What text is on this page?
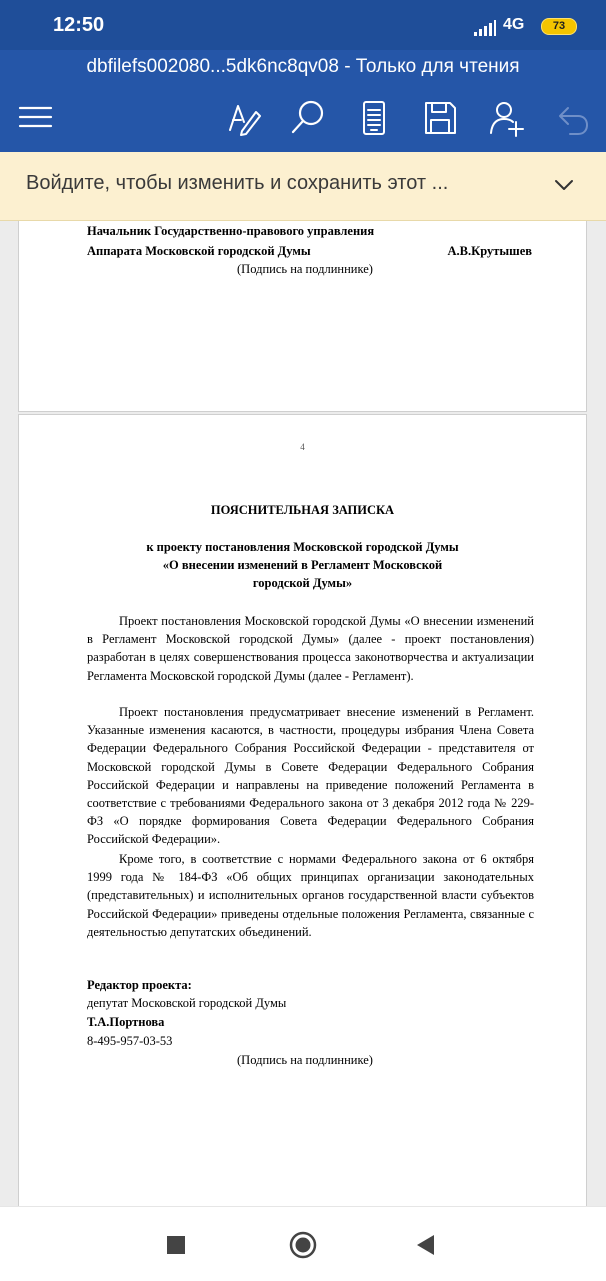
12:50	4G	73
dbfilefs002080...5dk6nc8qv08 - Только для чтения
Войдите, чтобы изменить и сохранить этот ...
Начальник Государственно-правового управления
Аппарата Московской городской Думы	А.В.Крутышев
(Подпись на подлиннике)
4
ПОЯСНИТЕЛЬНАЯ ЗАПИСКА
к проекту постановления Московской городской Думы
«О внесении изменений в Регламент Московской
городской Думы»
Проект постановления Московской городской Думы «О внесении изменений в Регламент Московской городской Думы» (далее - проект постановления) разработан в целях совершенствования процесса законотворчества и актуализации Регламента Московской городской Думы (далее - Регламент).
Проект постановления предусматривает внесение изменений в Регламент. Указанные изменения касаются, в частности, процедуры избрания Члена Совета Федерации Федерального Собрания Российской Федерации - представителя от Московской городской Думы в Совете Федерации Федерального Собрания Российской Федерации и направлены на приведение положений Регламента в соответствие с требованиями Федерального закона от 3 декабря 2012 года № 229-ФЗ «О порядке формирования Совета Федерации Федерального Собрания Российской Федерации».
Кроме того, в соответствие с нормами Федерального закона от 6 октября 1999 года № 184-ФЗ «Об общих принципах организации законодательных (представительных) и исполнительных органов государственной власти субъектов Российской Федерации» приведены отдельные положения Регламента, связанные с деятельностью депутатских объединений.
Редактор проекта:
депутат Московской городской Думы
Т.А.Портнова
8-495-957-03-53
(Подпись на подлиннике)
